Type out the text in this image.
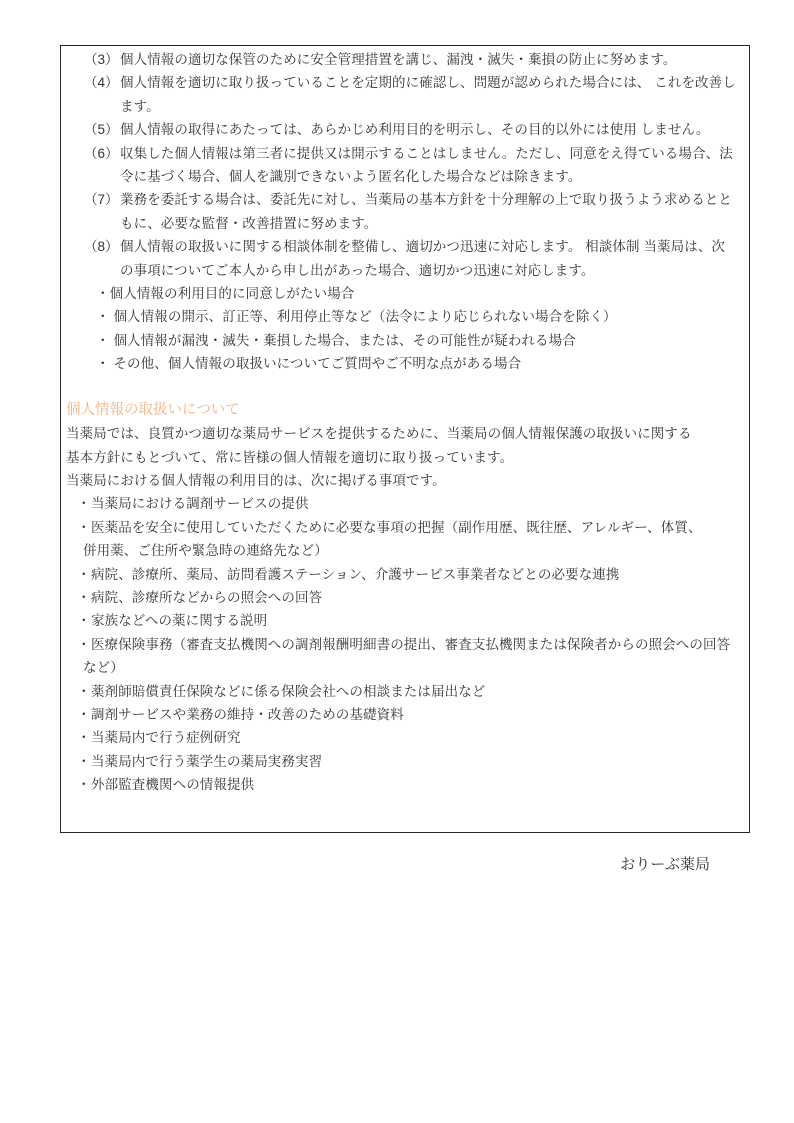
（3） 個人情報の適切な保管のために安全管理措置を講じ、漏洩・滅失・棄損の防止に努めます。
（4） 個人情報を適切に取り扱っていることを定期的に確認し、問題が認められた場合には、 これを改善し
ます。
（5） 個人情報の取得にあたっては、あらかじめ利用目的を明示し、その目的以外には使用 しません。
（6） 収集した個人情報は第三者に提供又は開示することはしません。ただし、同意をえ得ている場合、法
令に基づく場合、個人を識別できないよう匿名化した場合などは除きます。
（7） 業務を委託する場合は、委託先に対し、当薬局の基本方針を十分理解の上で取り扱うよう求めるとと
もに、必要な監督・改善措置に努めます。
（8） 個人情報の取扱いに関する相談体制を整備し、適切かつ迅速に対応します。 相談体制 当薬局は、次
の事項についてご本人から申し出があった場合、適切かつ迅速に対応します。
・個人情報の利用目的に同意しがたい場合
・ 個人情報の開示、訂正等、利用停止等など（法令により応じられない場合を除く）
・ 個人情報が漏洩・滅失・棄損した場合、または、その可能性が疑われる場合
・ その他、個人情報の取扱いについてご質問やご不明な点がある場合
個人情報の取扱いについて
当薬局では、良質かつ適切な薬局サービスを提供するために、当薬局の個人情報保護の取扱いに関する
基本方針にもとづいて、常に皆様の個人情報を適切に取り扱っています。
当薬局における個人情報の利用目的は、次に掲げる事項です。
・ 当薬局における調剤サービスの提供
・ 医薬品を安全に使用していただくために必要な事項の把握（副作用歴、既往歴、アレルギー、体質、
併用薬、ご住所や緊急時の連絡先など）
・ 病院、診療所、薬局、訪問看護ステーション、介護サービス事業者などとの必要な連携
・ 病院、診療所などからの照会への回答
・ 家族などへの薬に関する説明
・ 医療保険事務（審査支払機関への調剤報酬明細書の提出、審査支払機関または保険者からの照会への回答
など）
・ 薬剤師賠償責任保険などに係る保険会社への相談または届出など
・ 調剤サービスや業務の維持・改善のための基礎資料
・ 当薬局内で行う症例研究
・ 当薬局内で行う薬学生の薬局実務実習
・ 外部監査機関への情報提供
おりーぶ薬局
